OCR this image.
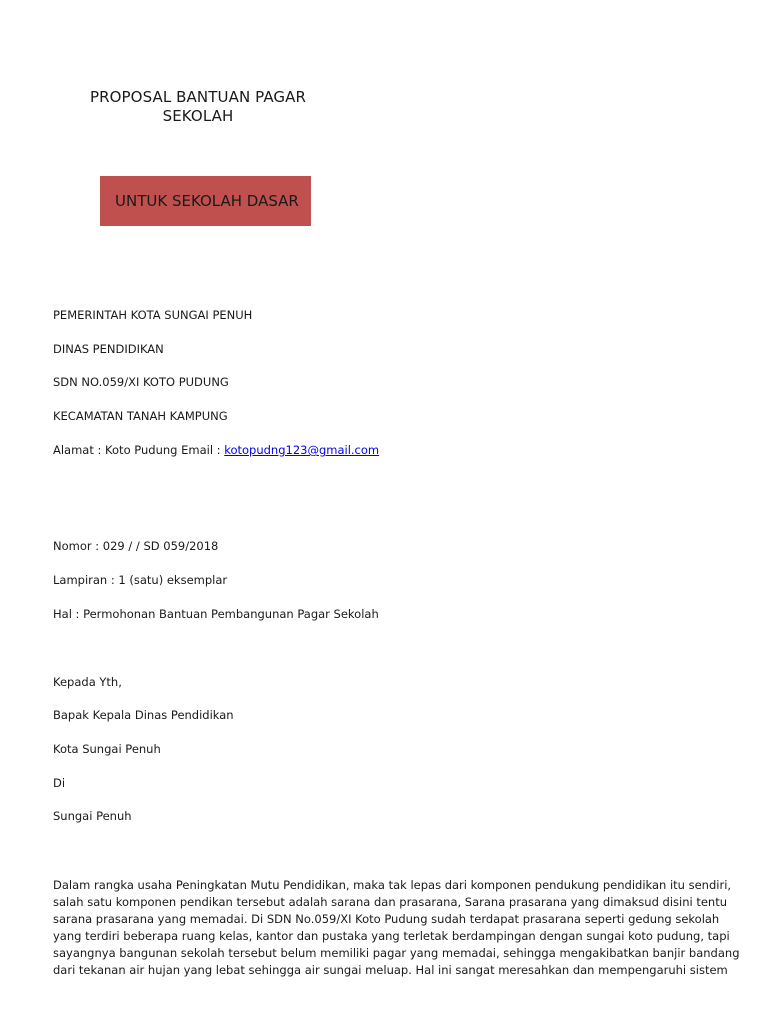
PROPOSAL BANTUAN PAGAR
SEKOLAH
UNTUK SEKOLAH DASAR
PEMERINTAH KOTA SUNGAI PENUH
DINAS PENDIDIKAN
SDN NO.059/XI KOTO PUDUNG
KECAMATAN TANAH KAMPUNG
Alamat : Koto Pudung Email : kotopudng123@gmail.com
Nomor : 029 / / SD 059/2018
Lampiran : 1 (satu) eksemplar
Hal : Permohonan Bantuan Pembangunan Pagar Sekolah
Kepada Yth,
Bapak Kepala Dinas Pendidikan
Kota Sungai Penuh
Di
Sungai Penuh
Dalam rangka usaha Peningkatan Mutu Pendidikan, maka tak lepas dari komponen pendukung pendidikan itu sendiri,
salah satu komponen pendikan tersebut adalah sarana dan prasarana, Sarana prasarana yang dimaksud disini tentu
sarana prasarana yang memadai. Di SDN No.059/XI Koto Pudung sudah terdapat prasarana seperti gedung sekolah
yang terdiri beberapa ruang kelas, kantor dan pustaka yang terletak berdampingan dengan sungai koto pudung, tapi
sayangnya bangunan sekolah tersebut belum memiliki pagar yang memadai, sehingga mengakibatkan banjir bandang
dari tekanan air hujan yang lebat sehingga air sungai meluap. Hal ini sangat meresahkan dan mempengaruhi sistem
